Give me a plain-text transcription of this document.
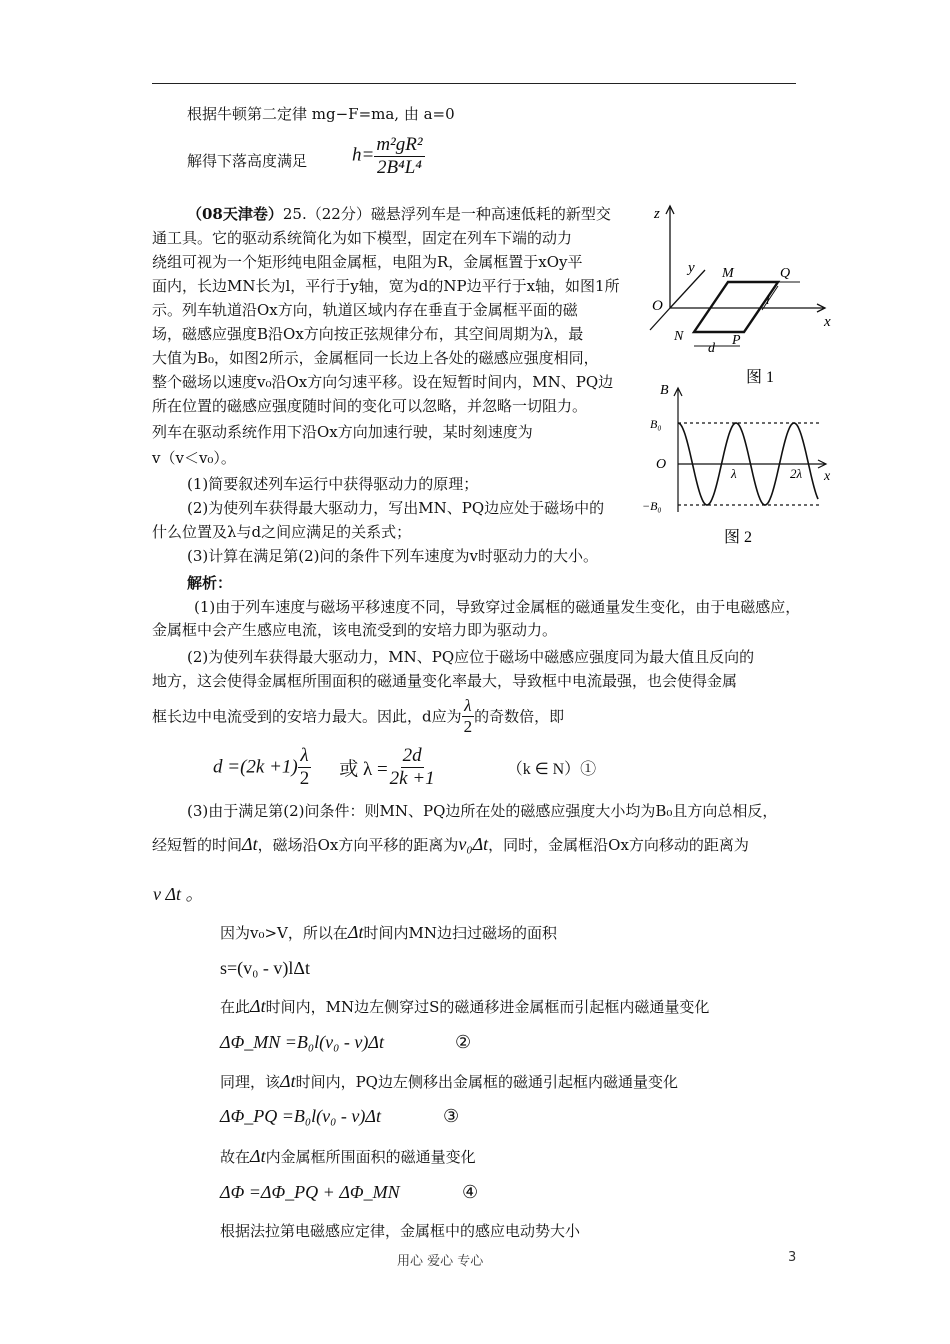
根据牛顿第二定律 mg−F=ma, 由 a=0
解得下落高度满足 $h= \frac{\text{m²gR²}}{\text{2B⁴L⁴}}$
（08天津卷）25.（22分）磁悬浮列车是一种高速低耗的新型交
通工具。它的驱动系统简化为如下模型，固定在列车下端的动力
绕组可视为一个矩形纯电阻金属框，电阻为R，金属框置于xOy平
面内，长边MN长为l，平行于y轴，宽为d的NP边平行于x轴，如图1所
示。列车轨道沿Ox方向，轨道区域内存在垂直于金属框平面的磁
场，磁感应强度B沿Ox方向按正弦规律分布，其空间周期为λ，最
大值为B₀，如图2所示，金属框同一长边上各处的磁感应强度相同，
整个磁场以速度v₀沿Ox方向匀速平移。设在短暂时间内，MN、PQ边
所在位置的磁感应强度随时间的变化可以忽略，并忽略一切阻力。
列车在驱动系统作用下沿Ox方向加速行驶，某时刻速度为
v（v＜v₀）。
(1)简要叙述列车运行中获得驱动力的原理；
(2)为使列车获得最大驱动力，写出MN、PQ边应处于磁场中的
什么位置及λ与d之间应满足的关系式；
(3)计算在满足第(2)问的条件下列车速度为v时驱动力的大小。
z
y
x
O
M	Q
N	P
d
l
图 1
B
B₀
O
−B₀
λ	2λ x
图 2
解析：
(1)由于列车速度与磁场平移速度不同，导致穿过金属框的磁通量发生变化，由于电磁感应，金属框中会产生感应电流，该电流受到的安培力即为驱动力。
(2)为使列车获得最大驱动力，MN、PQ应位于磁场中磁感应强度同为最大值且反向的
地方，这会使得金属框所围面积的磁通量变化率最大，导致框中电流最强，也会使得金属
框长边中电流受到的安培力最大。因此，d应为 $\frac{\lambda}{2}$ 的奇数倍，即
$d =(2k +1) \frac{\lambda}{2}$ 或 $\lambda = \frac{2d}{2k +1}$	（k ∈ N）①
(3)由于满足第(2)问条件：则MN、PQ边所在处的磁感应强度大小均为B₀且方向总相反，
经短暂的时间Δt，磁场沿Ox方向平移的距离为v₀Δt，同时，金属框沿Ox方向移动的距离为
v Δt 。
因为v₀>V，所以在Δt时间内MN边扫过磁场的面积
s=(v₀ - v)lΔt
在此Δt时间内，MN边左侧穿过S的磁通移进金属框而引起框内磁通量变化
ΔΦ_MN =B₀l(v₀ - v)Δt	②
同理，该Δt时间内，PQ边左侧移出金属框的磁通引起框内磁通量变化
ΔΦ_PQ =B₀l(v₀ - v)Δt	③
故在Δt内金属框所围面积的磁通量变化
ΔΦ =ΔΦ_PQ + ΔΦ_MN	④
根据法拉第电磁感应定律，金属框中的感应电动势大小
用心 爱心 专心	3
